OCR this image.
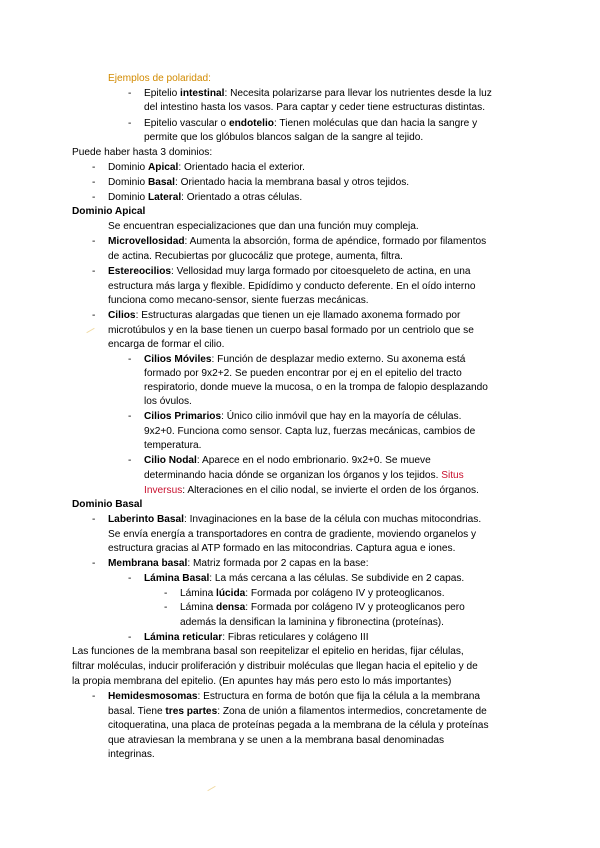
Ejemplos de polaridad:
- Epitelio intestinal: Necesita polarizarse para llevar los nutrientes desde la luz
del intestino hasta los vasos. Para captar y ceder tiene estructuras distintas.
- Epitelio vascular o endotelio: Tienen moléculas que dan hacia la sangre y
permite que los glóbulos blancos salgan de la sangre al tejido.
Puede haber hasta 3 dominios:
- Dominio Apical: Orientado hacia el exterior.
- Dominio Basal: Orientado hacia la membrana basal y otros tejidos.
- Dominio Lateral: Orientado a otras células.
Dominio Apical
Se encuentran especializaciones que dan una función muy compleja.
- Microvellosidad: Aumenta la absorción, forma de apéndice, formado por filamentos
de actina. Recubiertas por glucocáliz que protege, aumenta, filtra.
- Estereocilios: Vellosidad muy larga formado por citoesqueleto de actina, en una
estructura más larga y flexible. Epidídimo y conducto deferente. En el oído interno
funciona como mecano-sensor, siente fuerzas mecánicas.
- Cilios: Estructuras alargadas que tienen un eje llamado axonema formado por
microtúbulos y en la base tienen un cuerpo basal formado por un centriolo que se
encarga de formar el cilio.
- Cilios Móviles: Función de desplazar medio externo. Su axonema está
formado por 9x2+2. Se pueden encontrar por ej en el epitelio del tracto
respiratorio, donde mueve la mucosa, o en la trompa de falopio desplazando
los óvulos.
- Cilios Primarios: Único cilio inmóvil que hay en la mayoría de células.
9x2+0. Funciona como sensor. Capta luz, fuerzas mecánicas, cambios de
temperatura.
- Cilio Nodal: Aparece en el nodo embrionario. 9x2+0. Se mueve
determinando hacia dónde se organizan los órganos y los tejidos. Situs
Inversus: Alteraciones en el cilio nodal, se invierte el orden de los órganos.
Dominio Basal
- Laberinto Basal: Invaginaciones en la base de la célula con muchas mitocondrias.
Se envía energía a transportadores en contra de gradiente, moviendo organelos y
estructura gracias al ATP formado en las mitocondrias. Captura agua e iones.
- Membrana basal: Matriz formada por 2 capas en la base:
- Lámina Basal: La más cercana a las células. Se subdivide en 2 capas.
- Lámina lúcida: Formada por colágeno IV y proteoglicanos.
- Lámina densa: Formada por colágeno IV y proteoglicanos pero
además la densifican la laminina y fibronectina (proteínas).
- Lámina reticular: Fibras reticulares y colágeno III
Las funciones de la membrana basal son reepitelizar el epitelio en heridas, fijar células,
filtrar moléculas, inducir proliferación y distribuir moléculas que llegan hacia el epitelio y de
la propia membrana del epitelio. (En apuntes hay más pero esto lo más importantes)
- Hemidesmosomas: Estructura en forma de botón que fija la célula a la membrana
basal. Tiene tres partes: Zona de unión a filamentos intermedios, concretamente de
citoqueratina, una placa de proteínas pegada a la membrana de la célula y proteínas
que atraviesan la membrana y se unen a la membrana basal denominadas
integrinas.
